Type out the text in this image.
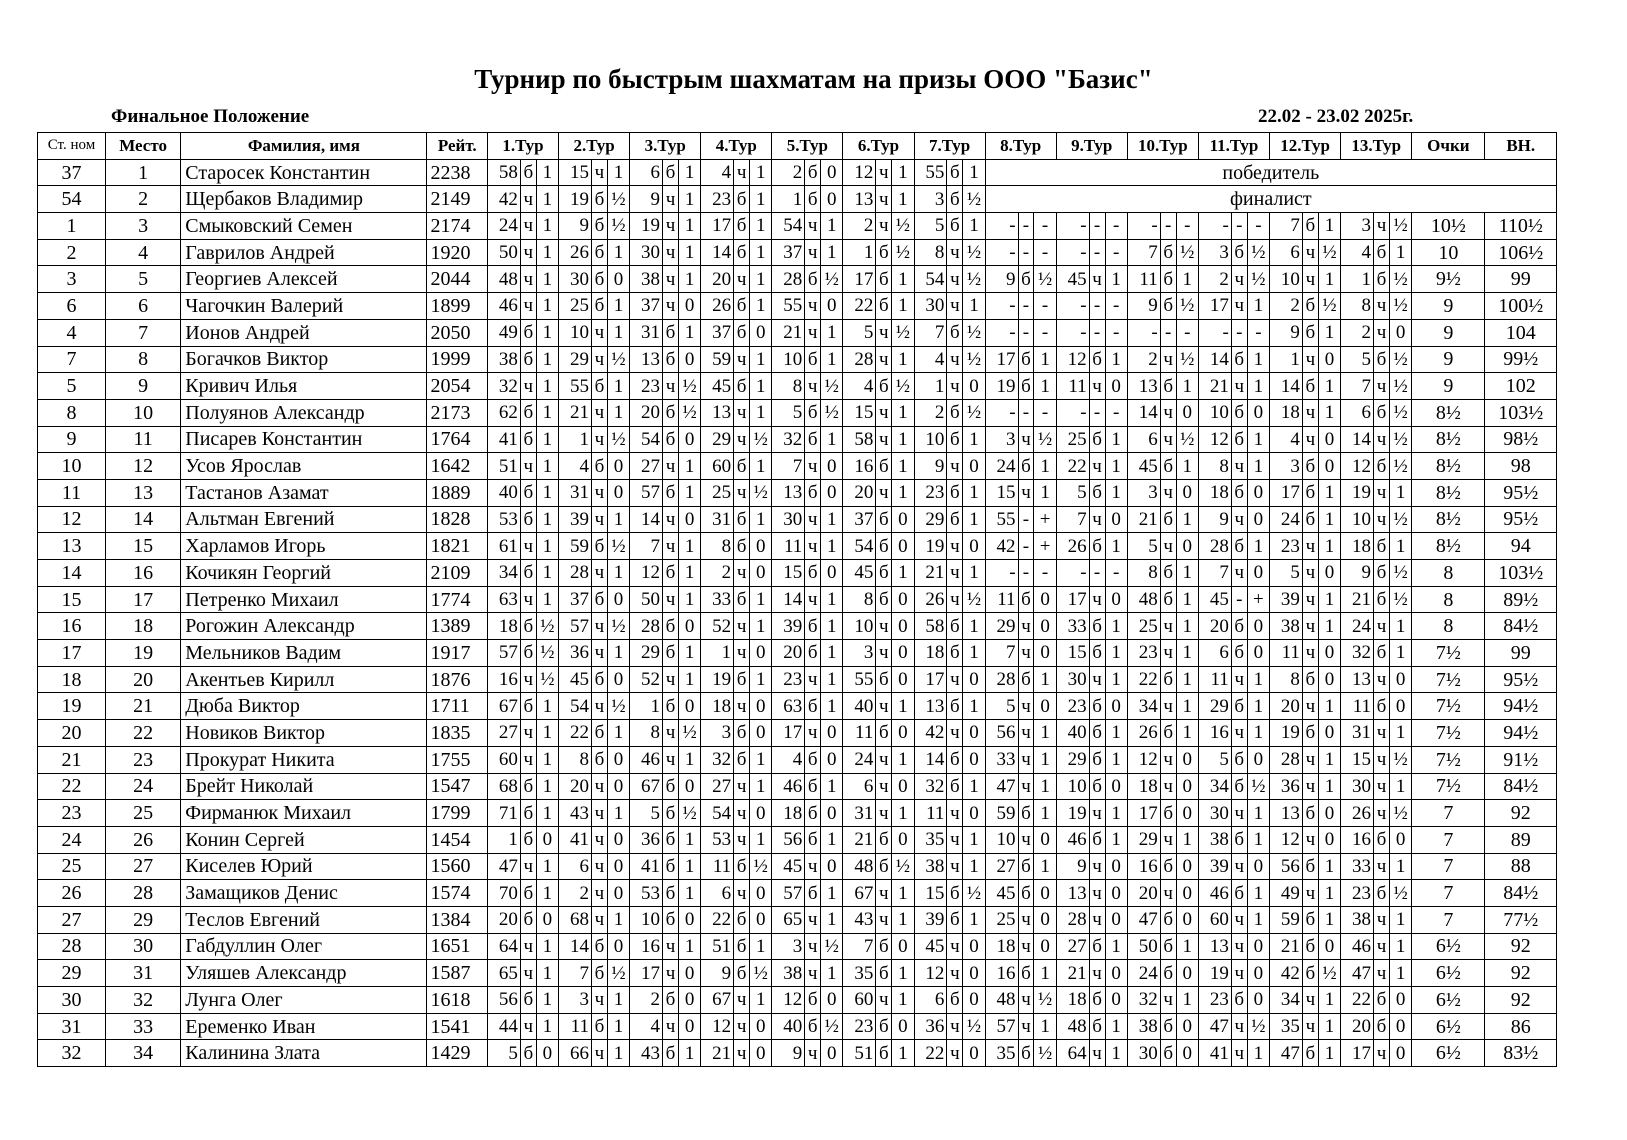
Турнир по быстрым шахматам на призы ООО "Базис"
Финальное Положение	22.02 - 23.02 2025г.
Ст. ном	Место	Фамилия, имя	Рейт.	1.Тур			2.Тур			3.Тур			4.Тур			5.Тур			6.Тур			7.Тур			8.Тур			9.Тур			10.Тур			11.Тур			12.Тур			13.Тур			Очки	ВН.
37	1	Старосек Константин	2238	58	б	1	15	ч	1	6	б	1	4	ч	1	2	б	0	12	ч	1	55	б	1	победитель																			
54	2	Щербаков Владимир	2149	42	ч	1	19	б	½	9	ч	1	23	б	1	1	б	0	13	ч	1	3	б	½	финалист																			
1	3	Смыковский Семен	2174	24	ч	1	9	б	½	19	ч	1	17	б	1	54	ч	1	2	ч	½	5	б	1	-	-	-	-	-	-	-	-	-	-	-	-	7	б	1	3	ч	½	10½	110½
2	4	Гаврилов Андрей	1920	50	ч	1	26	б	1	30	ч	1	14	б	1	37	ч	1	1	б	½	8	ч	½	-	-	-	-	-	-	7	б	½	3	б	½	6	ч	½	4	б	1	10	106½
3	5	Георгиев Алексей	2044	48	ч	1	30	б	0	38	ч	1	20	ч	1	28	б	½	17	б	1	54	ч	½	9	б	½	45	ч	1	11	б	1	2	ч	½	10	ч	1	1	б	½	9½	99
6	6	Чагочкин Валерий	1899	46	ч	1	25	б	1	37	ч	0	26	б	1	55	ч	0	22	б	1	30	ч	1	-	-	-	-	-	-	9	б	½	17	ч	1	2	б	½	8	ч	½	9	100½
4	7	Ионов Андрей	2050	49	б	1	10	ч	1	31	б	1	37	б	0	21	ч	1	5	ч	½	7	б	½	-	-	-	-	-	-	-	-	-	-	-	-	9	б	1	2	ч	0	9	104
7	8	Богачков Виктор	1999	38	б	1	29	ч	½	13	б	0	59	ч	1	10	б	1	28	ч	1	4	ч	½	17	б	1	12	б	1	2	ч	½	14	б	1	1	ч	0	5	б	½	9	99½
5	9	Кривич Илья	2054	32	ч	1	55	б	1	23	ч	½	45	б	1	8	ч	½	4	б	½	1	ч	0	19	б	1	11	ч	0	13	б	1	21	ч	1	14	б	1	7	ч	½	9	102
8	10	Полуянов Александр	2173	62	б	1	21	ч	1	20	б	½	13	ч	1	5	б	½	15	ч	1	2	б	½	-	-	-	-	-	-	14	ч	0	10	б	0	18	ч	1	6	б	½	8½	103½
9	11	Писарев Константин	1764	41	б	1	1	ч	½	54	б	0	29	ч	½	32	б	1	58	ч	1	10	б	1	3	ч	½	25	б	1	6	ч	½	12	б	1	4	ч	0	14	ч	½	8½	98½
10	12	Усов Ярослав	1642	51	ч	1	4	б	0	27	ч	1	60	б	1	7	ч	0	16	б	1	9	ч	0	24	б	1	22	ч	1	45	б	1	8	ч	1	3	б	0	12	б	½	8½	98
11	13	Тастанов Азамат	1889	40	б	1	31	ч	0	57	б	1	25	ч	½	13	б	0	20	ч	1	23	б	1	15	ч	1	5	б	1	3	ч	0	18	б	0	17	б	1	19	ч	1	8½	95½
12	14	Альтман Евгений	1828	53	б	1	39	ч	1	14	ч	0	31	б	1	30	ч	1	37	б	0	29	б	1	55	-	+	7	ч	0	21	б	1	9	ч	0	24	б	1	10	ч	½	8½	95½
13	15	Харламов Игорь	1821	61	ч	1	59	б	½	7	ч	1	8	б	0	11	ч	1	54	б	0	19	ч	0	42	-	+	26	б	1	5	ч	0	28	б	1	23	ч	1	18	б	1	8½	94
14	16	Кочикян Георгий	2109	34	б	1	28	ч	1	12	б	1	2	ч	0	15	б	0	45	б	1	21	ч	1	-	-	-	-	-	-	8	б	1	7	ч	0	5	ч	0	9	б	½	8	103½
15	17	Петренко Михаил	1774	63	ч	1	37	б	0	50	ч	1	33	б	1	14	ч	1	8	б	0	26	ч	½	11	б	0	17	ч	0	48	б	1	45	-	+	39	ч	1	21	б	½	8	89½
16	18	Рогожин Александр	1389	18	б	½	57	ч	½	28	б	0	52	ч	1	39	б	1	10	ч	0	58	б	1	29	ч	0	33	б	1	25	ч	1	20	б	0	38	ч	1	24	ч	1	8	84½
17	19	Мельников Вадим	1917	57	б	½	36	ч	1	29	б	1	1	ч	0	20	б	1	3	ч	0	18	б	1	7	ч	0	15	б	1	23	ч	1	6	б	0	11	ч	0	32	б	1	7½	99
18	20	Акентьев Кирилл	1876	16	ч	½	45	б	0	52	ч	1	19	б	1	23	ч	1	55	б	0	17	ч	0	28	б	1	30	ч	1	22	б	1	11	ч	1	8	б	0	13	ч	0	7½	95½
19	21	Дюба Виктор	1711	67	б	1	54	ч	½	1	б	0	18	ч	0	63	б	1	40	ч	1	13	б	1	5	ч	0	23	б	0	34	ч	1	29	б	1	20	ч	1	11	б	0	7½	94½
20	22	Новиков Виктор	1835	27	ч	1	22	б	1	8	ч	½	3	б	0	17	ч	0	11	б	0	42	ч	0	56	ч	1	40	б	1	26	б	1	16	ч	1	19	б	0	31	ч	1	7½	94½
21	23	Прокурат Никита	1755	60	ч	1	8	б	0	46	ч	1	32	б	1	4	б	0	24	ч	1	14	б	0	33	ч	1	29	б	1	12	ч	0	5	б	0	28	ч	1	15	ч	½	7½	91½
22	24	Брейт Николай	1547	68	б	1	20	ч	0	67	б	0	27	ч	1	46	б	1	6	ч	0	32	б	1	47	ч	1	10	б	0	18	ч	0	34	б	½	36	ч	1	30	ч	1	7½	84½
23	25	Фирманюк Михаил	1799	71	б	1	43	ч	1	5	б	½	54	ч	0	18	б	0	31	ч	1	11	ч	0	59	б	1	19	ч	1	17	б	0	30	ч	1	13	б	0	26	ч	½	7	92
24	26	Конин Сергей	1454	1	б	0	41	ч	0	36	б	1	53	ч	1	56	б	1	21	б	0	35	ч	1	10	ч	0	46	б	1	29	ч	1	38	б	1	12	ч	0	16	б	0	7	89
25	27	Киселев Юрий	1560	47	ч	1	6	ч	0	41	б	1	11	б	½	45	ч	0	48	б	½	38	ч	1	27	б	1	9	ч	0	16	б	0	39	ч	0	56	б	1	33	ч	1	7	88
26	28	Замащиков Денис	1574	70	б	1	2	ч	0	53	б	1	6	ч	0	57	б	1	67	ч	1	15	б	½	45	б	0	13	ч	0	20	ч	0	46	б	1	49	ч	1	23	б	½	7	84½
27	29	Теслов Евгений	1384	20	б	0	68	ч	1	10	б	0	22	б	0	65	ч	1	43	ч	1	39	б	1	25	ч	0	28	ч	0	47	б	0	60	ч	1	59	б	1	38	ч	1	7	77½
28	30	Габдуллин Олег	1651	64	ч	1	14	б	0	16	ч	1	51	б	1	3	ч	½	7	б	0	45	ч	0	18	ч	0	27	б	1	50	б	1	13	ч	0	21	б	0	46	ч	1	6½	92
29	31	Уляшев Александр	1587	65	ч	1	7	б	½	17	ч	0	9	б	½	38	ч	1	35	б	1	12	ч	0	16	б	1	21	ч	0	24	б	0	19	ч	0	42	б	½	47	ч	1	6½	92
30	32	Лунга Олег	1618	56	б	1	3	ч	1	2	б	0	67	ч	1	12	б	0	60	ч	1	6	б	0	48	ч	½	18	б	0	32	ч	1	23	б	0	34	ч	1	22	б	0	6½	92
31	33	Еременко Иван	1541	44	ч	1	11	б	1	4	ч	0	12	ч	0	40	б	½	23	б	0	36	ч	½	57	ч	1	48	б	1	38	б	0	47	ч	½	35	ч	1	20	б	0	6½	86
32	34	Калинина Злата	1429	5	б	0	66	ч	1	43	б	1	21	ч	0	9	ч	0	51	б	1	22	ч	0	35	б	½	64	ч	1	30	б	0	41	ч	1	47	б	1	17	ч	0	6½	83½
